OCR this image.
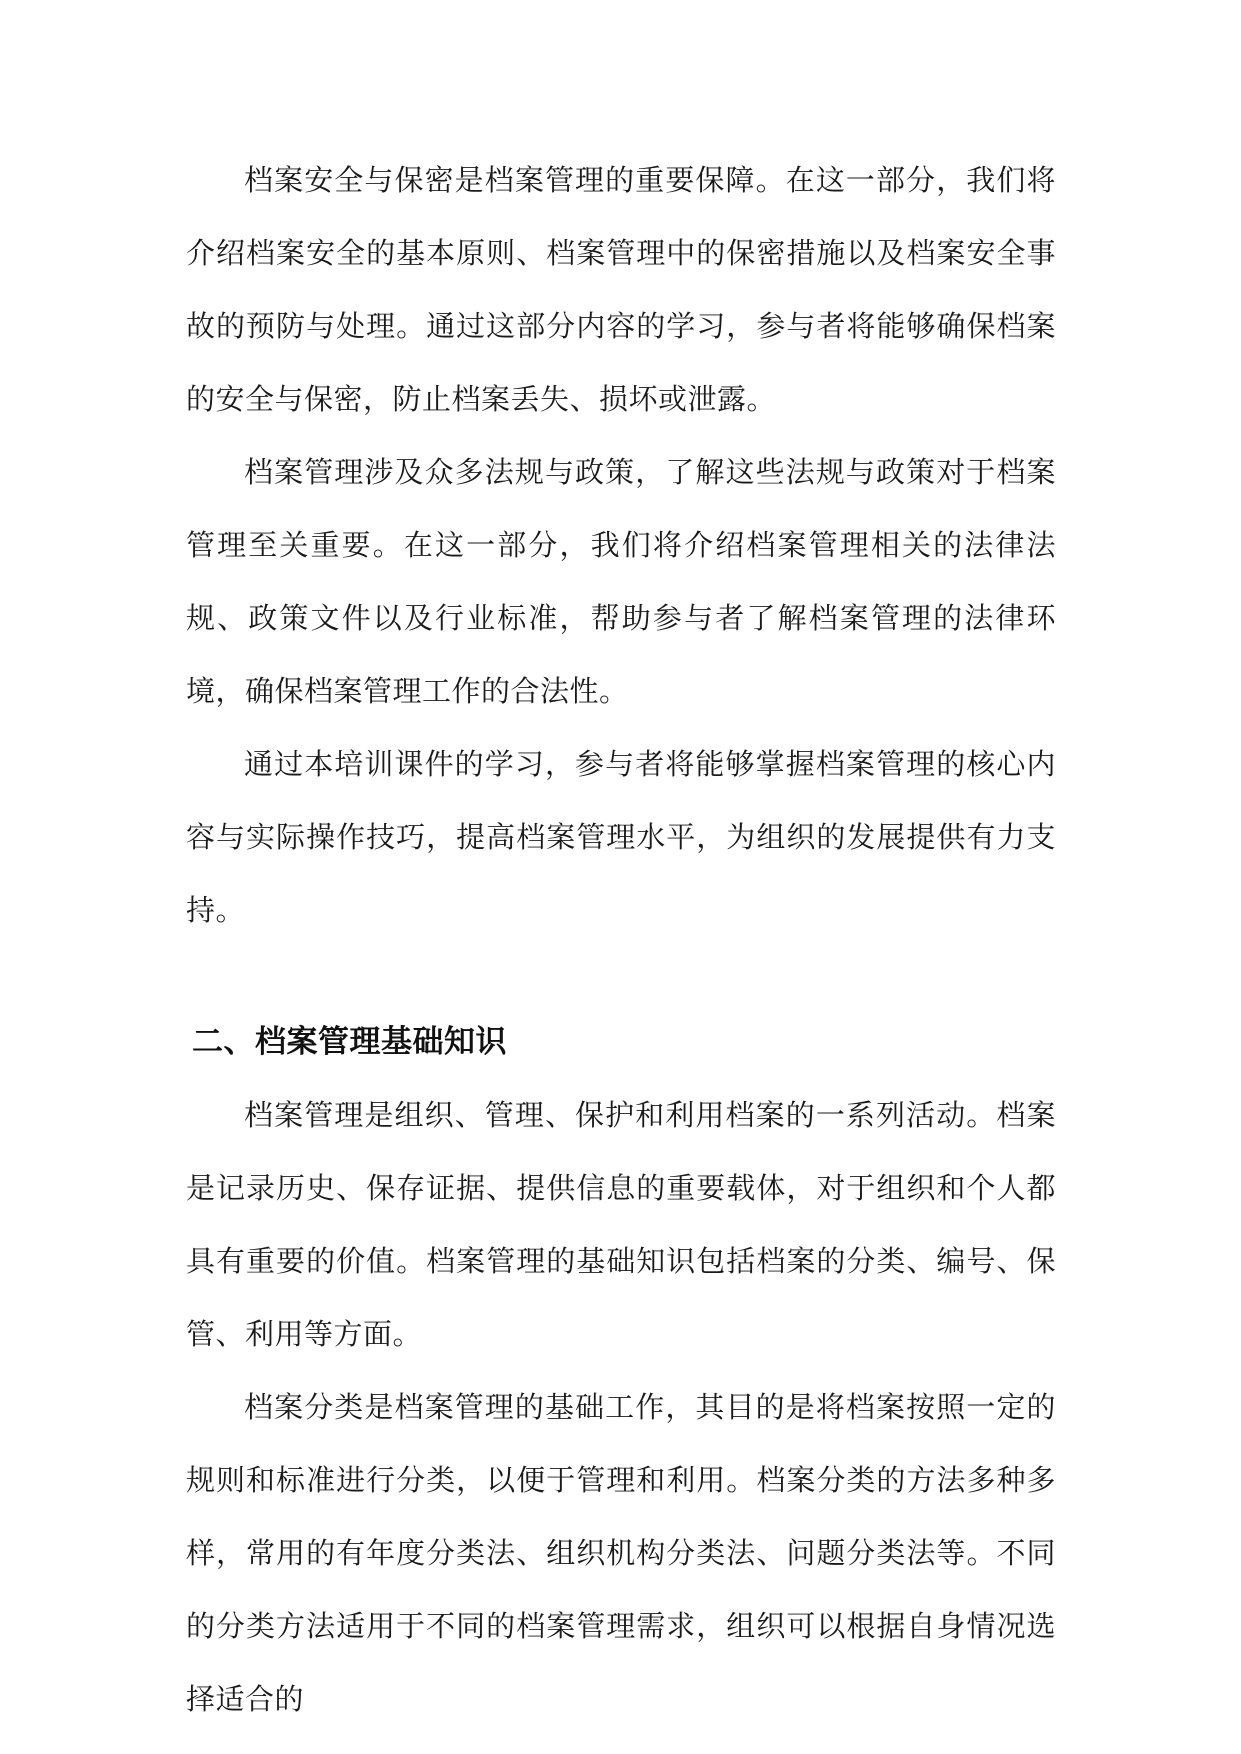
档案安全与保密是档案管理的重要保障。在这一部分，我们将介绍档案安全的基本原则、档案管理中的保密措施以及档案安全事故的预防与处理。通过这部分内容的学习，参与者将能够确保档案的安全与保密，防止档案丢失、损坏或泄露。

档案管理涉及众多法规与政策，了解这些法规与政策对于档案管理至关重要。在这一部分，我们将介绍档案管理相关的法律法规、政策文件以及行业标准，帮助参与者了解档案管理的法律环境，确保档案管理工作的合法性。

通过本培训课件的学习，参与者将能够掌握档案管理的核心内容与实际操作技巧，提高档案管理水平，为组织的发展提供有力支持。

二、档案管理基础知识

档案管理是组织、管理、保护和利用档案的一系列活动。档案是记录历史、保存证据、提供信息的重要载体，对于组织和个人都具有重要的价值。档案管理的基础知识包括档案的分类、编号、保管、利用等方面。

档案分类是档案管理的基础工作，其目的是将档案按照一定的规则和标准进行分类，以便于管理和利用。档案分类的方法多种多样，常用的有年度分类法、组织机构分类法、问题分类法等。不同的分类方法适用于不同的档案管理需求，组织可以根据自身情况选择适合的
